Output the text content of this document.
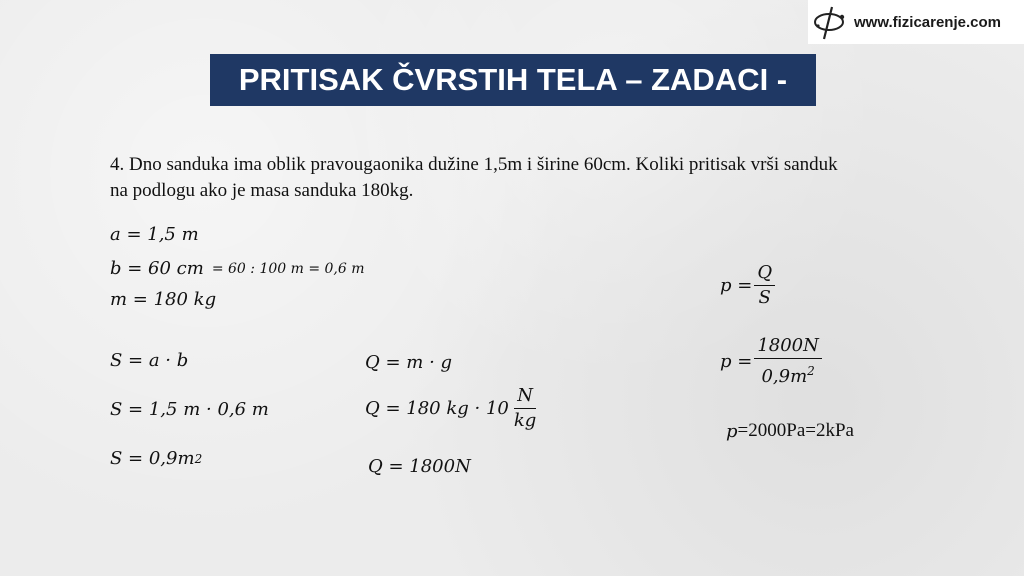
www.fizicarenje.com
PRITISAK ČVRSTIH TELA – ZADACI -
4. Dno sanduka ima oblik pravougaonika dužine 1,5m i širine 60cm. Koliki pritisak vrši sanduk
na podlogu ako je masa sanduka 180kg.
a = 1,5 m
b = 60 cm = 60 : 100 m = 0,6 m
m = 180 kg
S = a · b
S = 1,5 m · 0,6 m
S = 0,9m 2
Q = m · g
Q = 180 kg · $10 \frac{N}{kg}$
Q = 1800N
$p = \frac{Q}{S}$
$p = \frac{1800N}{0,9m^2}$
p =2000Pa=2kPa
